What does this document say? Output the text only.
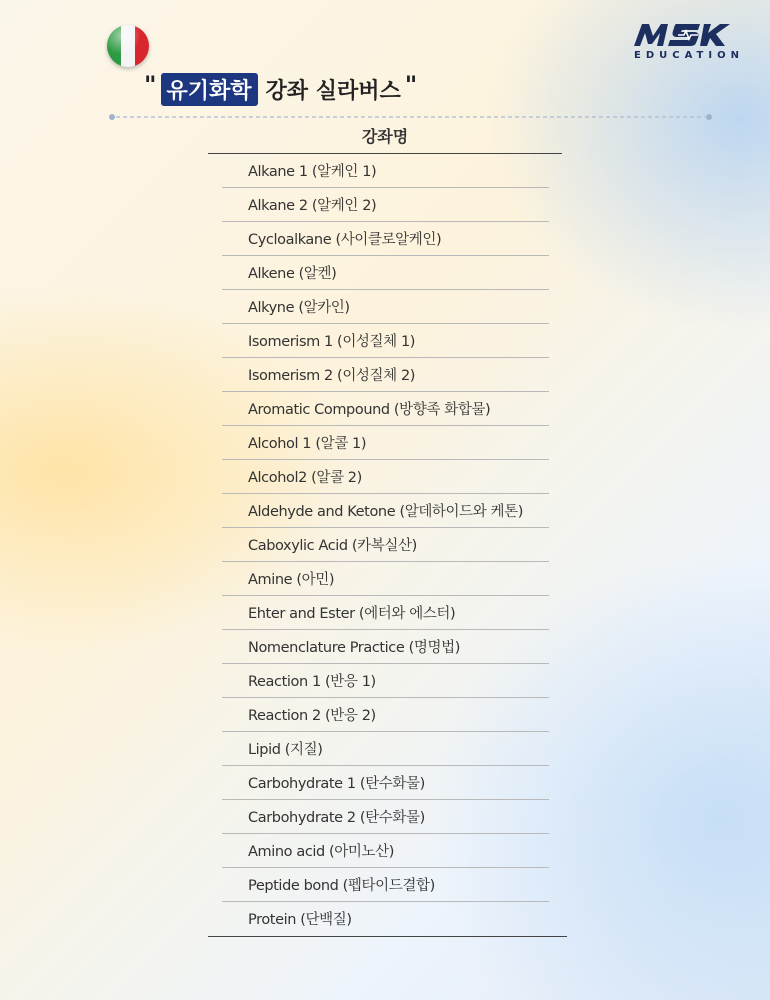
EDUCATION
" 유기화학 강좌 실라버스 "
강좌명
Alkane 1 (알케인 1)
Alkane 2 (알케인 2)
Cycloalkane (사이클로알케인)
Alkene (알켄)
Alkyne (알카인)
Isomerism 1 (이성질체 1)
Isomerism 2 (이성질체 2)
Aromatic Compound (방향족 화합물)
Alcohol 1 (알콜 1)
Alcohol2 (알콜 2)
Aldehyde and Ketone (알데하이드와 케톤)
Caboxylic Acid (카복실산)
Amine (아민)
Ehter and Ester (에터와 에스터)
Nomenclature Practice (명명법)
Reaction 1 (반응 1)
Reaction 2 (반응 2)
Lipid (지질)
Carbohydrate 1 (탄수화물)
Carbohydrate 2 (탄수화물)
Amino acid (아미노산)
Peptide bond (펩타이드결합)
Protein (단백질)
